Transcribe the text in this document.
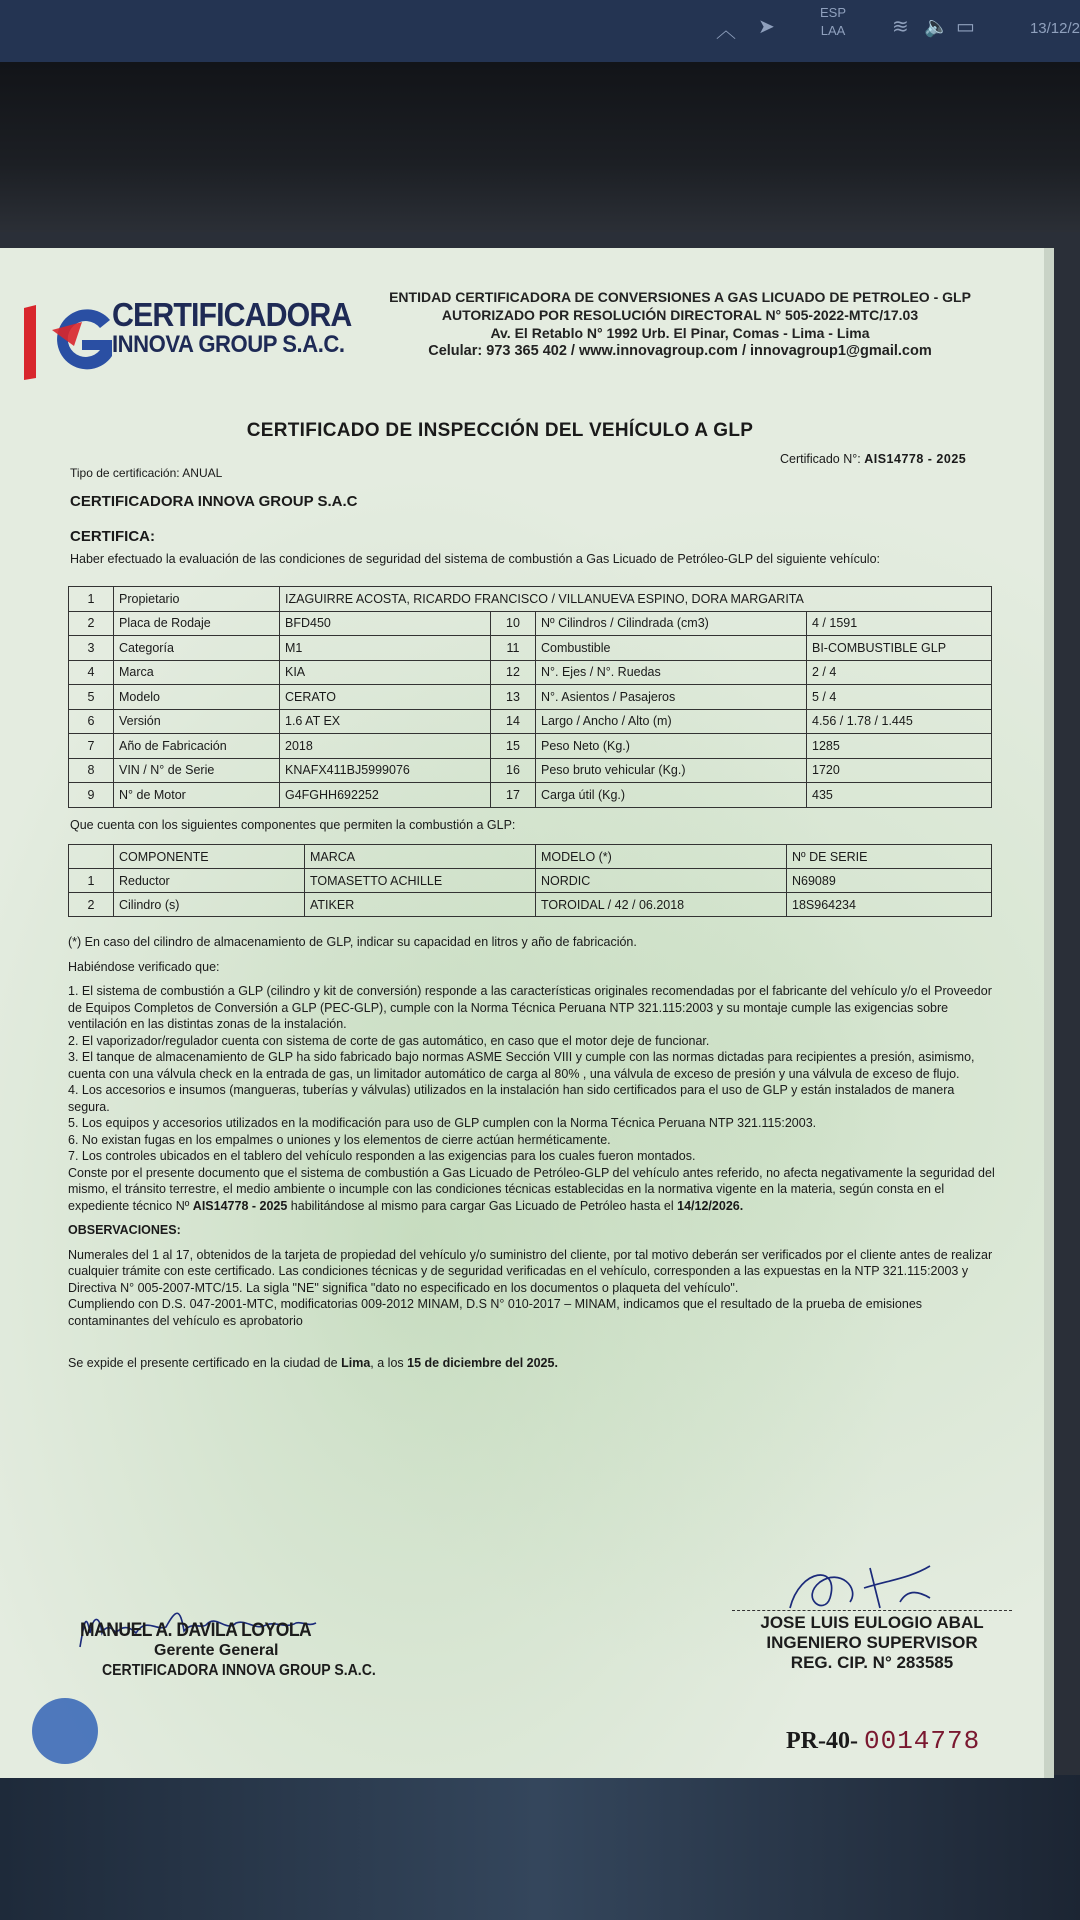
︿ ➤
ESP
LAA ≋ 🔈 ▭	13/12/2
CERTIFICADORA
INNOVA GROUP S.A.C.
ENTIDAD CERTIFICADORA DE CONVERSIONES A GAS LICUADO DE PETROLEO - GLP
AUTORIZADO POR RESOLUCIÓN DIRECTORAL N° 505-2022-MTC/17.03
Av. El Retablo N° 1992 Urb. El Pinar, Comas - Lima - Lima
Celular: 973 365 402 / www.innovagroup.com / innovagroup1@gmail.com
CERTIFICADO DE INSPECCIÓN DEL VEHÍCULO A GLP
Tipo de certificación: ANUAL
Certificado N°: AIS14778 - 2025
CERTIFICADORA INNOVA GROUP S.A.C
CERTIFICA:
Haber efectuado la evaluación de las condiciones de seguridad del sistema de combustión a Gas Licuado de Petróleo-GLP del siguiente vehículo:
1	Propietario	IZAGUIRRE ACOSTA, RICARDO FRANCISCO / VILLANUEVA ESPINO, DORA MARGARITA			
2	Placa de Rodaje	BFD450	10	Nº Cilindros / Cilindrada (cm3)	4 / 1591
3	Categoría	M1	11	Combustible	BI-COMBUSTIBLE GLP
4	Marca	KIA	12	N°. Ejes / N°. Ruedas	2 / 4
5	Modelo	CERATO	13	N°. Asientos / Pasajeros	5 / 4
6	Versión	1.6 AT EX	14	Largo / Ancho / Alto (m)	4.56 / 1.78 / 1.445
7	Año de Fabricación	2018	15	Peso Neto (Kg.)	1285
8	VIN / N° de Serie	KNAFX411BJ5999076	16	Peso bruto vehicular (Kg.)	1720
9	N° de Motor	G4FGHH692252	17	Carga útil (Kg.)	435
Que cuenta con los siguientes componentes que permiten la combustión a GLP:
	COMPONENTE	MARCA	MODELO (*)	Nº DE SERIE
1	Reductor	TOMASETTO ACHILLE	NORDIC	N69089
2	Cilindro (s)	ATIKER	TOROIDAL / 42 / 06.2018	18S964234

(*) En caso del cilindro de almacenamiento de GLP, indicar su capacidad en litros y año de fabricación.

Habiéndose verificado que:

1. El sistema de combustión a GLP (cilindro y kit de conversión) responde a las características originales recomendadas por el fabricante del vehículo y/o el Proveedor de Equipos Completos de Conversión a GLP (PEC-GLP), cumple con la Norma Técnica Peruana NTP 321.115:2003 y su montaje cumple las exigencias sobre ventilación en las distintas zonas de la instalación.

2. El vaporizador/regulador cuenta con sistema de corte de gas automático, en caso que el motor deje de funcionar.

3. El tanque de almacenamiento de GLP ha sido fabricado bajo normas ASME Sección VIII y cumple con las normas dictadas para recipientes a presión, asimismo, cuenta con una válvula check en la entrada de gas, un limitador automático de carga al 80% , una válvula de exceso de presión y una válvula de exceso de flujo.

4. Los accesorios e insumos (mangueras, tuberías y válvulas) utilizados en la instalación han sido certificados para el uso de GLP y están instalados de manera segura.

5. Los equipos y accesorios utilizados en la modificación para uso de GLP cumplen con la Norma Técnica Peruana NTP 321.115:2003.

6. No existan fugas en los empalmes o uniones y los elementos de cierre actúan herméticamente.

7. Los controles ubicados en el tablero del vehículo responden a las exigencias para los cuales fueron montados.

Conste por el presente documento que el sistema de combustión a Gas Licuado de Petróleo-GLP del vehículo antes referido, no afecta negativamente la seguridad del mismo, el tránsito terrestre, el medio ambiente o incumple con las condiciones técnicas establecidas en la normativa vigente en la materia, según consta en el expediente técnico Nº AIS14778 - 2025 habilitándose al mismo para cargar Gas Licuado de Petróleo hasta el 14/12/2026.

OBSERVACIONES:

Numerales del 1 al 17, obtenidos de la tarjeta de propiedad del vehículo y/o suministro del cliente, por tal motivo deberán ser verificados por el cliente antes de realizar cualquier trámite con este certificado. Las condiciones técnicas y de seguridad verificadas en el vehículo, corresponden a las expuestas en la NTP 321.115:2003 y Directiva N° 005-2007-MTC/15. La sigla "NE" significa "dato no especificado en los documentos o plaqueta del vehículo".

Cumpliendo con D.S. 047-2001-MTC, modificatorias 009-2012 MINAM, D.S N° 010-2017 – MINAM, indicamos que el resultado de la prueba de emisiones contaminantes del vehículo es aprobatorio

Se expide el presente certificado en la ciudad de Lima, a los 15 de diciembre del 2025.

MANUEL A. DAVILA LOYOLA
Gerente General
CERTIFICADORA INNOVA GROUP S.A.C.
JOSE LUIS EULOGIO ABAL
INGENIERO SUPERVISOR
REG. CIP. N° 283585
PR-40- 0014778
